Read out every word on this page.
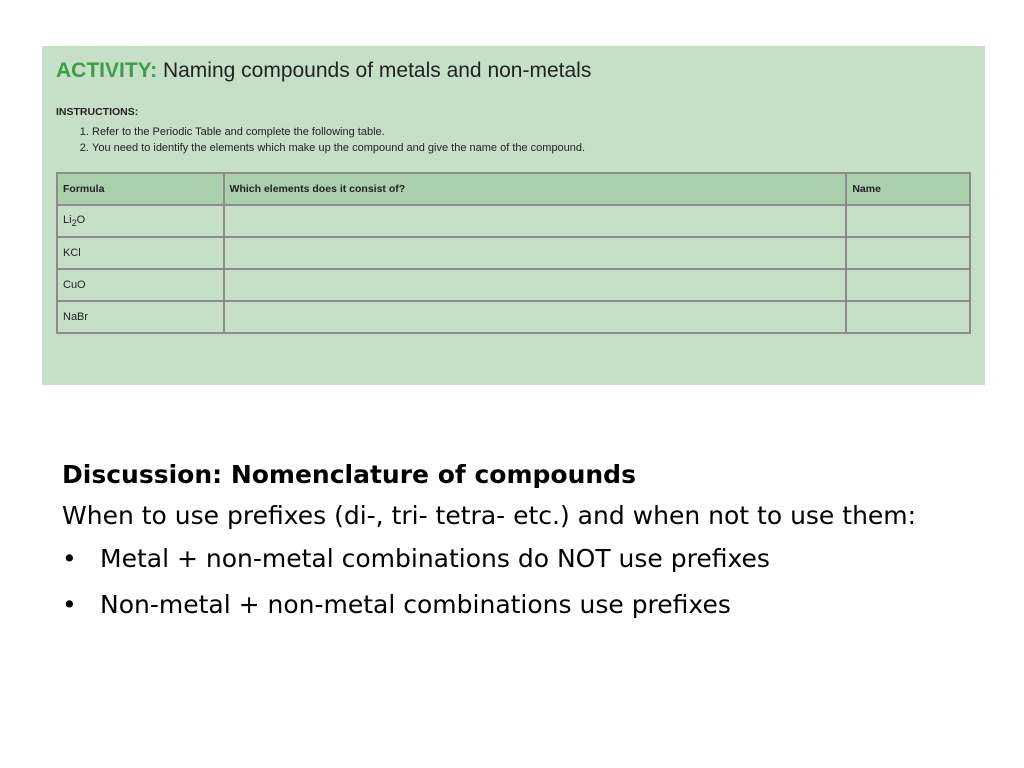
ACTIVITY: Naming compounds of metals and non-metals
INSTRUCTIONS:
1. Refer to the Periodic Table and complete the following table.
2. You need to identify the elements which make up the compound and give the name of the compound.
Formula	Which elements does it consist of?	Name
$Li_2O$		
KCl		
CuO		
NaBr		
Discussion: Nomenclature of compounds
When to use prefixes (di-, tri- tetra- etc.) and when not to use them:
• Metal + non-metal combinations do NOT use prefixes
• Non-metal + non-metal combinations use prefixes
